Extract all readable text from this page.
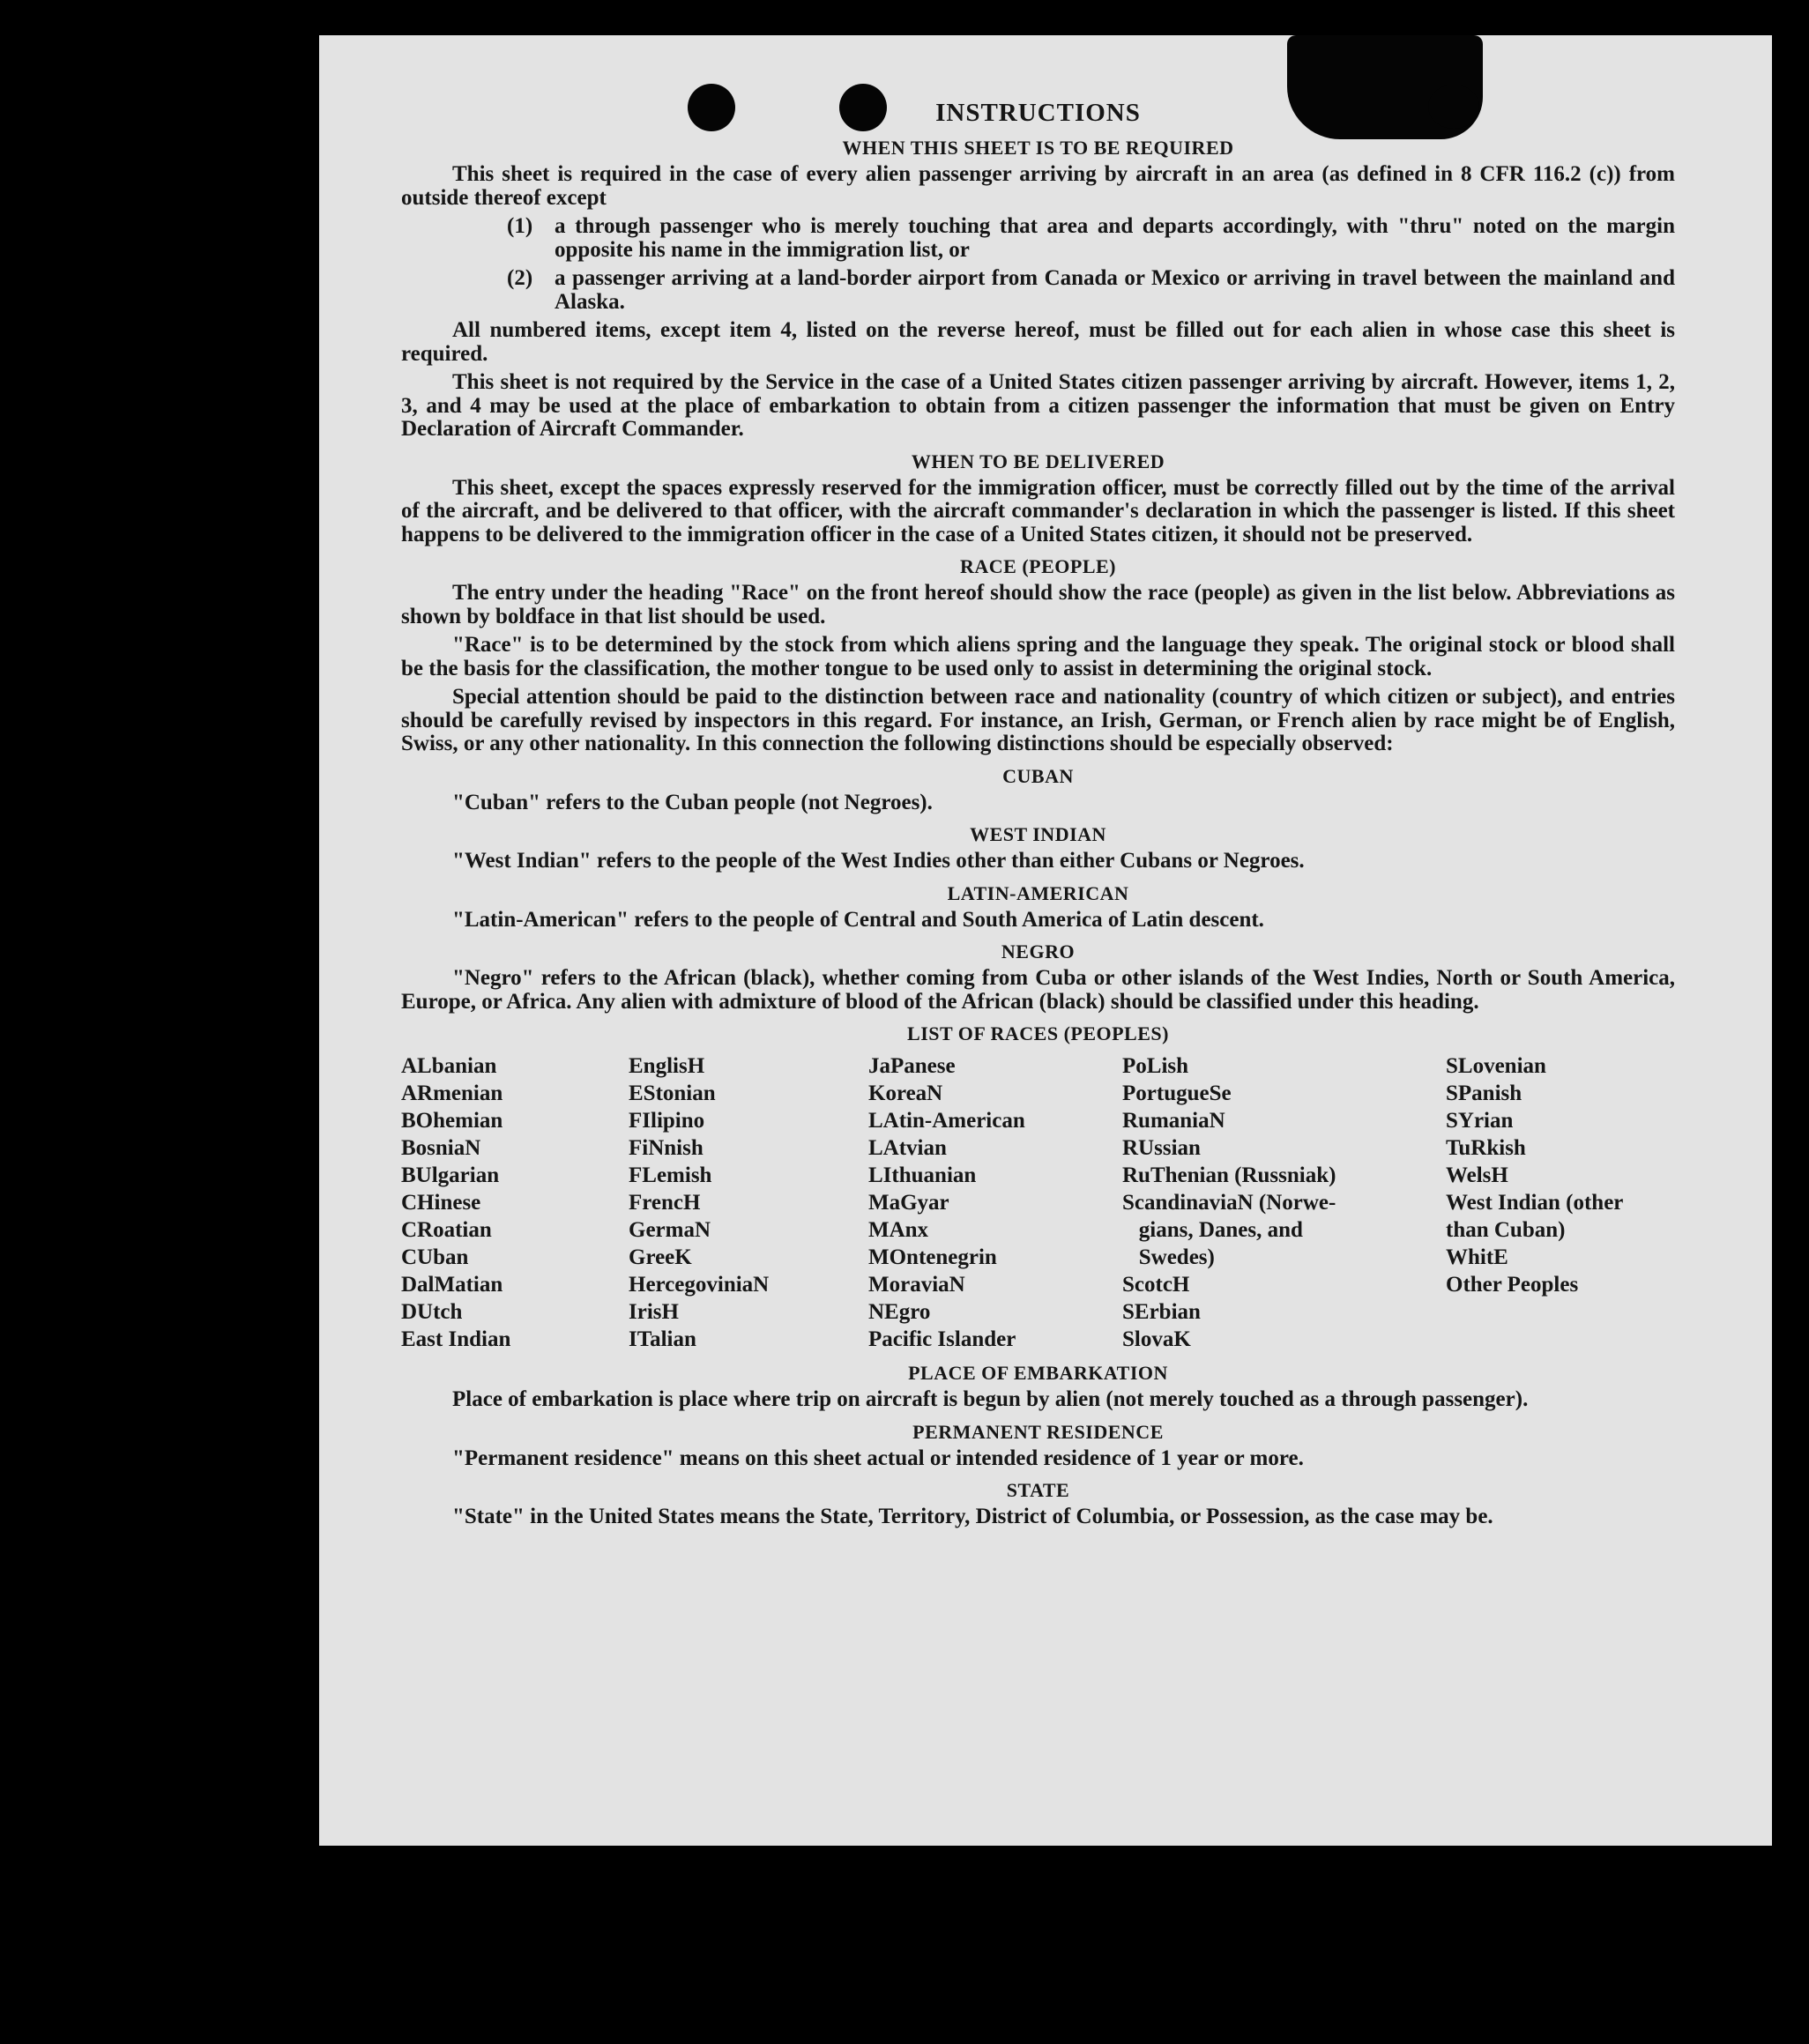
INSTRUCTIONS
WHEN THIS SHEET IS TO BE REQUIRED

This sheet is required in the case of every alien passenger arriving by aircraft in an area (as defined in 8 CFR 116.2 (c)) from outside thereof except

(1) a through passenger who is merely touching that area and departs accordingly, with "thru" noted on the margin opposite his name in the immigration list, or
(2) a passenger arriving at a land-border airport from Canada or Mexico or arriving in travel between the mainland and Alaska.

All numbered items, except item 4, listed on the reverse hereof, must be filled out for each alien in whose case this sheet is required.

This sheet is not required by the Service in the case of a United States citizen passenger arriving by aircraft. However, items 1, 2, 3, and 4 may be used at the place of embarkation to obtain from a citizen passenger the information that must be given on Entry Declaration of Aircraft Commander.

WHEN TO BE DELIVERED

This sheet, except the spaces expressly reserved for the immigration officer, must be correctly filled out by the time of the arrival of the aircraft, and be delivered to that officer, with the aircraft commander's declaration in which the passenger is listed. If this sheet happens to be delivered to the immigration officer in the case of a United States citizen, it should not be preserved.

RACE (PEOPLE)

The entry under the heading "Race" on the front hereof should show the race (people) as given in the list below. Abbreviations as shown by boldface in that list should be used.

"Race" is to be determined by the stock from which aliens spring and the language they speak. The original stock or blood shall be the basis for the classification, the mother tongue to be used only to assist in determining the original stock.

Special attention should be paid to the distinction between race and nationality (country of which citizen or subject), and entries should be carefully revised by inspectors in this regard. For instance, an Irish, German, or French alien by race might be of English, Swiss, or any other nationality. In this connection the following distinctions should be especially observed:

CUBAN

"Cuban" refers to the Cuban people (not Negroes).

WEST INDIAN

"West Indian" refers to the people of the West Indies other than either Cubans or Negroes.

LATIN-AMERICAN

"Latin-American" refers to the people of Central and South America of Latin descent.

NEGRO

"Negro" refers to the African (black), whether coming from Cuba or other islands of the West Indies, North or South America, Europe, or Africa. Any alien with admixture of blood of the African (black) should be classified under this heading.

LIST OF RACES (PEOPLES)
ALbanian
ARmenian
BOhemian
BosniaN
BUlgarian
CHinese
CRoatian
CUban
DalMatian
DUtch
East Indian
EnglisH
EStonian
FIlipino
FiNnish
FLemish
FrencH
GermaN
GreeK
HercegoviniaN
IrisH
ITalian
JaPanese
KoreaN
LAtin-American
LAtvian
LIthuanian
MaGyar
MAnx
MOntenegrin
MoraviaN
NEgro
Pacific Islander
PoLish
PortugueSe
RumaniaN
RUssian
RuThenian (Russniak)
ScandinaviaN (Norwe-
gians, Danes, and
Swedes)
ScotcH
SErbian
SlovaK
SLovenian
SPanish
SYrian
TuRkish
WelsH
West Indian (other
than Cuban)
WhitE
Other Peoples
PLACE OF EMBARKATION

Place of embarkation is place where trip on aircraft is begun by alien (not merely touched as a through passenger).

PERMANENT RESIDENCE

"Permanent residence" means on this sheet actual or intended residence of 1 year or more.

STATE

"State" in the United States means the State, Territory, District of Columbia, or Possession, as the case may be.
